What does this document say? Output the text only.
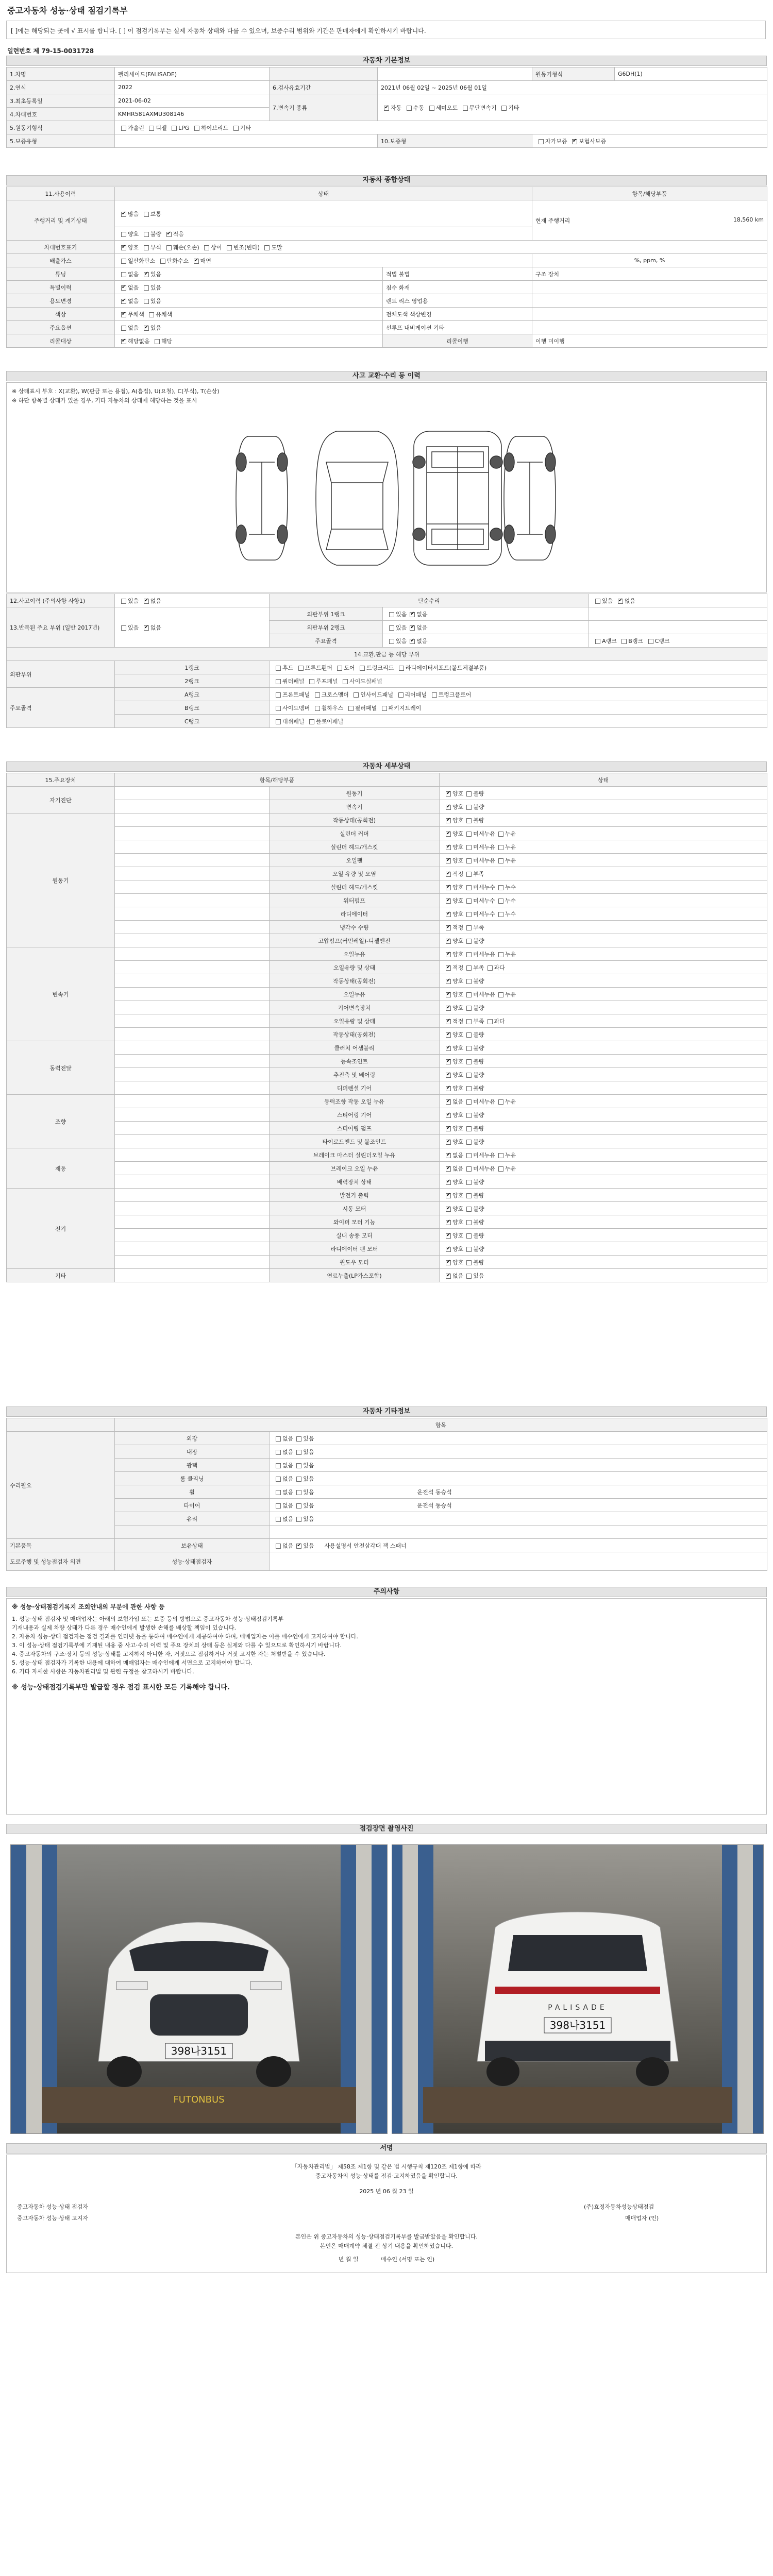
중고자동차 성능·상태 점검기록부
[ ]에는 해당되는 곳에 √ 표시를 합니다. [ ] 이 점검기록부는 실제 자동차 상태와 다를 수 있으며, 보증수리 범위와 기간은 판매자에게 확인하시기 바랍니다.
일련번호 제 79-15-0031728
자동차 기본정보
1.차명	팰리세이드(FALISADE)			원동기형식	G6DH(1)
2.연식	2022	6.검사유효기간	2021년 06월 02일 ~ 2025년 06월 01일		
3.최초등록일	2021-06-02	7.변속기 종류	✔자동 수동 세미오토 무단변속기 기타
4.차대번호	KMHR581AXMU308146				
5.원동기형식	가솔린 디젤 LPG 하이브리드 기타				
5.보증유형			10.보증형	자가보증 ✔ 보험사보증
자동차 종합상태
11.사용이력	상태		항목/해당부품
주행거리 및 계기상태	✔많음 보통		현재 주행거리 18,560 km

	양호 불량 ✔ 적음
차대번호표기	✔양호 부식 훼손(오손) 상이 변조(변타) 도말
배출가스	일산화탄소 탄화수소 ✔ 매연		%, ppm, %
튜닝	없음 ✔ 있음	적법 불법	구조 장치
특별이력	✔없음 있음	침수 화재	
용도변경	✔없음 있음	렌트 리스 영업용	
색상	✔무채색 유채색	전체도색 색상변경	
주요옵션	없음 ✔ 있음	선루프 내비게이션 기타	
리콜대상	✔해당없음 해당	리콜이행	이행 미이행
사고 교환·수리 등 이력
※ 상태표시 부호 : X(교환), W(판금 또는 용접), A(흠집), U(요철), C(부식), T(손상)
※ 하단 항목별 상태가 있을 경우, 기타 자동차의 상태에 해당하는 것을 표시
12.사고이력 (주의사항 사항1)	있음 ✔ 없음	단순수리		있음 ✔ 없음
13.반복된 주요 부위 (일반 2017년)	있음 ✔ 없음	외판부위 1랭크	있음 ✔ 없음	
		외판부위 2랭크	있음 ✔ 없음	
		주요골격	있음 ✔ 없음	A랭크 B랭크 C랭크
14.교환,판금 등 해당 부위				
외판부위	1랭크	후드 프론트휀더 도어 트렁크리드 라디에이터서포트(볼트체결부품)		
	2랭크	쿼터패널 루프패널 사이드실패널		
주요골격	A랭크	프론트패널 크로스멤버 인사이드패널 리어패널 트렁크플로어		
	B랭크	사이드멤버 휠하우스 필러패널 패키지트레이		
	C랭크	대쉬패널 플로어패널		
자동차 세부상태
15.주요장치	항목/해당부품		상태
자기진단		원동기	✔양호 불량
		변속기	✔양호 불량
원동기		작동상태(공회전)	✔양호 불량
		실린더 커버	✔양호 미세누유 누유
		실린더 헤드/개스킷	✔양호 미세누유 누유
		오일팬	✔양호 미세누유 누유
		오일 유량 및 오염	✔적정 부족
		실린더 헤드/개스킷	✔양호 미세누수 누수
		워터펌프	✔양호 미세누수 누수
		라디에이터	✔양호 미세누수 누수
		냉각수 수량	✔적정 부족
		고압펌프(커먼레일)-디젤엔진	✔양호 불량
변속기		오일누유	✔양호 미세누유 누유
		오일유량 및 상태	✔적정 부족 과다
		작동상태(공회전)	✔양호 불량
		오일누유	✔양호 미세누유 누유
		기어변속장치	✔양호 불량
		오일유량 및 상태	✔적정 부족 과다
		작동상태(공회전)	✔양호 불량
동력전달		클러치 어셈블리	✔양호 불량
		등속조인트	✔양호 불량
		추진축 및 베어링	✔양호 불량
		디퍼렌셜 기어	✔양호 불량
조향		동력조향 작동 오일 누유	✔없음 미세누유 누유
		스티어링 기어	✔양호 불량
		스티어링 펌프	✔양호 불량
		타이로드엔드 및 볼조인트	✔양호 불량
제동		브레이크 마스터 실린더오일 누유	✔없음 미세누유 누유
		브레이크 오일 누유	✔없음 미세누유 누유
		배력장치 상태	✔양호 불량
전기		발전기 출력	✔양호 불량
		시동 모터	✔양호 불량
		와이퍼 모터 기능	✔양호 불량
		실내 송풍 모터	✔양호 불량
		라디에이터 팬 모터	✔양호 불량
		윈도우 모터	✔양호 불량
기타		연료누출(LP가스포함)	✔없음 있음
자동차 기타정보
	항목	
수리필요	외장	없음 있음
	내장	없음 있음
	광택	없음 있음
	룸 클리닝	없음 있음
	휠	없음 있음 운전석 동승석
	타이어	없음 있음 운전석 동승석
	유리	없음 있음

기본품목	보유상태	없음 ✔ 있음 사용설명서 안전삼각대 잭 스패너
도로주행 및 성능점검자 의견	성능·상태점검자	
주의사항

※ 성능·상태점검기록지 조회안내의 부분에 관한 사항 등

1. 성능·상태 점검자 및 매매업자는 아래의 보험가입 또는 보증 등의 방법으로 중고자동차 성능·상태점검기록부

기재내용과 실제 차량 상태가 다른 경우 매수인에게 발생한 손해를 배상할 책임이 있습니다.

2. 자동차 성능·상태 점검자는 점검 결과를 인터넷 등을 통하여 매수인에게 제공하여야 하며, 매매업자는 이를 매수인에게 고지하여야 합니다.

3. 이 성능·상태 점검기록부에 기재된 내용 중 사고·수리 이력 및 주요 장치의 상태 등은 실제와 다를 수 있으므로 확인하시기 바랍니다.

4. 중고자동차의 구조·장치 등의 성능·상태를 고지하지 아니한 자, 거짓으로 점검하거나 거짓 고지한 자는 처벌받을 수 있습니다.

5. 성능·상태 점검자가 기록한 내용에 대하여 매매업자는 매수인에게 서면으로 고지하여야 합니다.

6. 기타 자세한 사항은 자동차관리법 및 관련 규정을 참고하시기 바랍니다.

※ 성능·상태점검기록부만 발급할 경우 점검 표시한 모든 기록해야 합니다.

점검장면 촬영사진
398나3151
FUTONBUS
PALISADE
398나3151
서명
「자동차관리법」 제58조 제1항 및 같은 법 시행규칙 제120조 제1항에 따라
중고자동차의 성능·상태를 점검·고지하였음을 확인합니다.
2025 년 06 월 23 일
중고자동차 성능·상태 점검자	(주)효정자동차성능상태점검
중고자동차 성능·상태 고지자	매매업자 (인)
본인은 위 중고자동차의 성능·상태점검기록부를 발급받았음을 확인합니다.
본인은 매매계약 체결 전 상기 내용을 확인하였습니다.
년 월 일	매수인 (서명 또는 인)
